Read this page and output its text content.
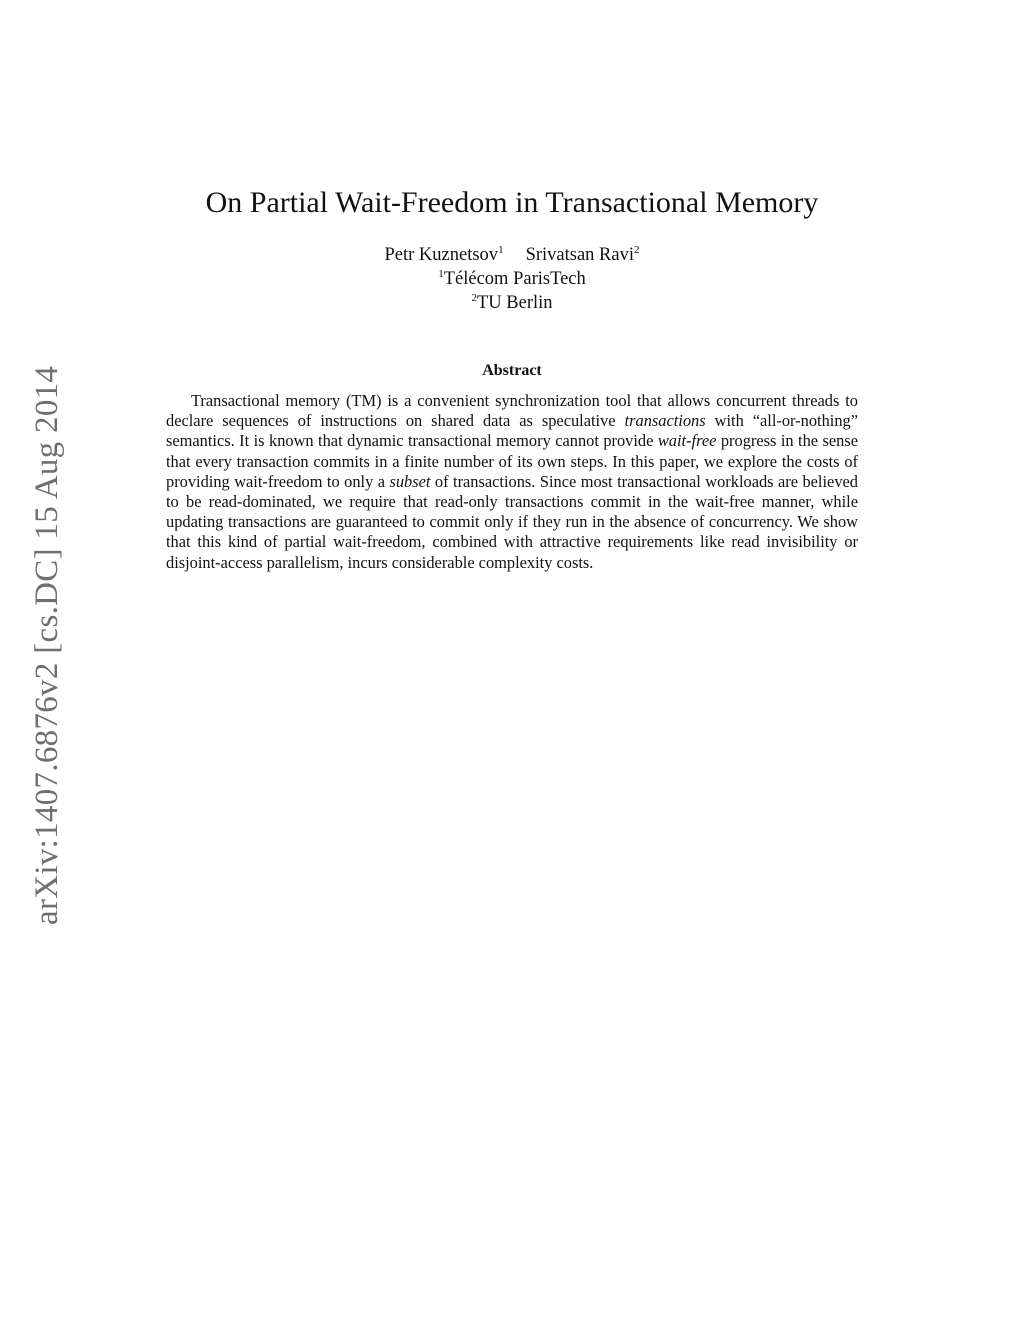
arXiv:1407.6876v2 [cs.DC] 15 Aug 2014
On Partial Wait-Freedom in Transactional Memory
Petr Kuznetsov$^1$ Srivatsan Ravi$^2$
$^1$Télécom ParisTech
$^2$TU Berlin
Abstract

Transactional memory (TM) is a convenient synchronization tool that allows concurrent threads to declare sequences of instructions on shared data as speculative transactions with “all-or-nothing” semantics. It is known that dynamic transactional memory cannot provide wait-free progress in the sense that every transaction commits in a finite number of its own steps. In this paper, we explore the costs of providing wait-freedom to only a subset of transactions. Since most transactional workloads are believed to be read-dominated, we require that read-only transactions commit in the wait-free manner, while updating transactions are guaranteed to commit only if they run in the absence of concurrency. We show that this kind of partial wait-freedom, combined with attractive requirements like read invisibility or disjoint-access parallelism, incurs considerable complexity costs.
